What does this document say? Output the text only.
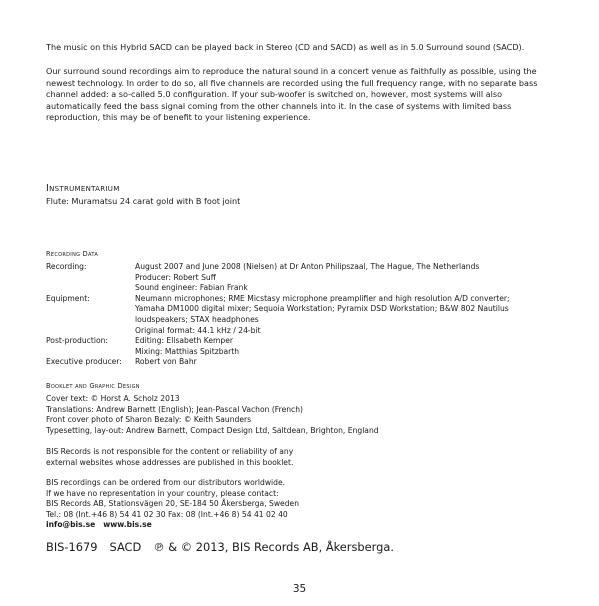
The music on this Hybrid SACD can be played back in Stereo (CD and SACD) as well as in 5.0 Surround sound (SACD).

Our surround sound recordings aim to reproduce the natural sound in a concert venue as faithfully as possible, using the newest technology. In order to do so, all five channels are recorded using the full frequency range, with no separate bass channel added: a so-called 5.0 configuration. If your sub-woofer is switched on, however, most systems will also automatically feed the bass signal coming from the other channels into it. In the case of systems with limited bass reproduction, this may be of benefit to your listening experience.

Instrumentarium

Flute: Muramatsu 24 carat gold with B foot joint

Recording Data

Recording:	August 2007 and June 2008 (Nielsen) at Dr Anton Philipszaal, The Hague, The Netherlands
Producer: Robert Suff
Sound engineer: Fabian Frank

Equipment:	Neumann microphones; RME Micstasy microphone preamplifier and high resolution A/D converter;
Yamaha DM1000 digital mixer; Sequoia Workstation; Pyramix DSD Workstation; B&W 802 Nautilus
loudspeakers; STAX headphones
Original format: 44.1 kHz / 24-bit

Post-production:	Editing: Elisabeth Kemper
Mixing: Matthias Spitzbarth

Executive producer:	Robert von Bahr

Booklet and Graphic Design

Cover text: © Horst A. Scholz 2013
Translations: Andrew Barnett (English); Jean-Pascal Vachon (French)
Front cover photo of Sharon Bezaly: © Keith Saunders
Typesetting, lay-out: Andrew Barnett, Compact Design Ltd, Saltdean, Brighton, England
BIS Records is not responsible for the content or reliability of any
external websites whose addresses are published in this booklet.
BIS recordings can be ordered from our distributors worldwide.
If we have no representation in your country, please contact:
BIS Records AB, Stationsvägen 20, SE-184 50 Åkersberga, Sweden
Tel.: 08 (Int.+46 8) 54 41 02 30 Fax: 08 (Int.+46 8) 54 41 02 40
info@bis.se www.bis.se

BIS-1679 SACD ℗ & © 2013, BIS Records AB, Åkersberga.

35
